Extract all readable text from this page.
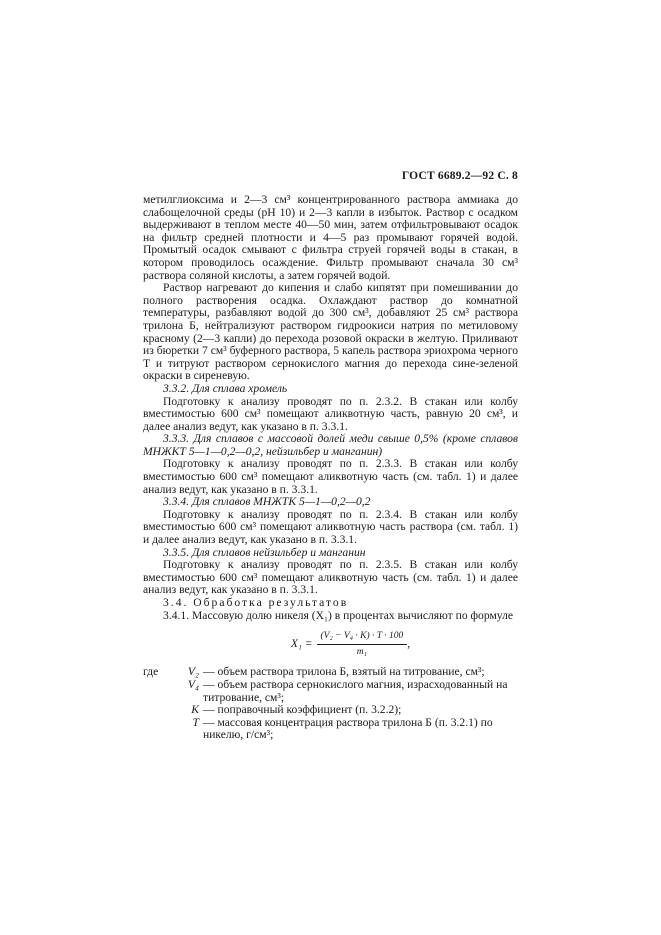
ГОСТ 6689.2—92 С. 8

метилглиоксима и 2—3 см³ концентрированного раствора аммиака до слабощелочной среды (рН 10) и 2—3 капли в избыток. Раствор с осадком выдерживают в теплом месте 40—50 мин, затем отфильтровывают осадок на фильтр средней плотности и 4—5 раз промывают горячей водой. Промытый осадок смывают с фильтра струей горячей воды в стакан, в котором проводилось осаждение. Фильтр промывают сначала 30 см³ раствора соляной кислоты, а затем горячей водой.

Раствор нагревают до кипения и слабо кипятят при помешивании до полного растворения осадка. Охлаждают раствор до комнатной температуры, разбавляют водой до 300 см³, добавляют 25 см³ раствора трилона Б, нейтрализуют раствором гидроокиси натрия по метиловому красному (2—3 капли) до перехода розовой окраски в желтую. Приливают из бюретки 7 см³ буферного раствора, 5 капель раствора эриохрома черного Т и титруют раствором сернокислого магния до перехода сине-зеленой окраски в сиреневую.

3.3.2. Для сплава хромель

Подготовку к анализу проводят по п. 2.3.2. В стакан или колбу вместимостью 600 см³ помещают аликвотную часть, равную 20 см³, и далее анализ ведут, как указано в п. 3.3.1.

3.3.3. Для сплавов с массовой долей меди свыше 0,5% (кроме сплавов МНЖКТ 5—1—0,2—0,2, нейзильбер и манганин)

Подготовку к анализу проводят по п. 2.3.3. В стакан или колбу вместимостью 600 см³ помещают аликвотную часть (см. табл. 1) и далее анализ ведут, как указано в п. 3.3.1.

3.3.4. Для сплавов МНЖТК 5—1—0,2—0,2

Подготовку к анализу проводят по п. 2.3.4. В стакан или колбу вместимостью 600 см³ помещают аликвотную часть раствора (см. табл. 1) и далее анализ ведут, как указано в п. 3.3.1.

3.3.5. Для сплавов нейзильбер и манганин

Подготовку к анализу проводят по п. 2.3.5. В стакан или колбу вместимостью 600 см³ помещают аликвотную часть (см. табл. 1) и далее анализ ведут, как указано в п. 3.3.1.

3.4. Обработка результатов

3.4.1. Массовую долю никеля (X₁) в процентах вычисляют по формуле

$X_1 = \frac{\text{(V₂ − V₄ · K) · T · 100}}{\text{m₁}}$ ,
где	V₂ — объем раствора трилона Б, взятый на титрование, см³;
V₄ — объем раствора сернокислого магния, израсходованный на титрование, см³;
K — поправочный коэффициент (п. 3.2.2);
T — массовая концентрация раствора трилона Б (п. 3.2.1) по никелю, г/см³;
